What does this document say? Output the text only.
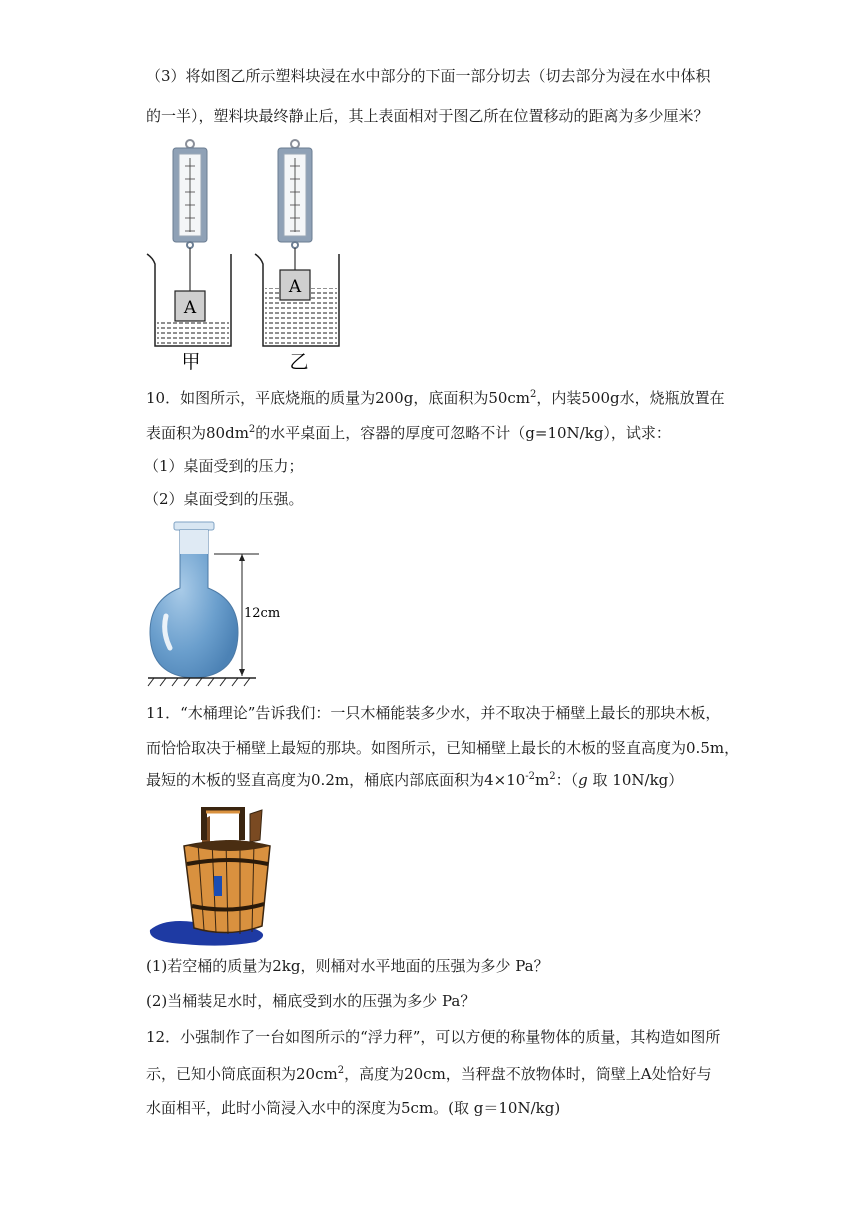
（3）将如图乙所示塑料块浸在水中部分的下面一部分切去（切去部分为浸在水中体积
的一半），塑料块最终静止后，其上表面相对于图乙所在位置移动的距离为多少厘米？
A
甲
A
乙
10．如图所示，平底烧瓶的质量为200g，底面积为$50cm^2$，内装500g水，烧瓶放置在
表面积为$80dm^2$的水平桌面上，容器的厚度可忽略不计（g=10N/kg），试求：
（1）桌面受到的压力；
（2）桌面受到的压强。
12cm
11．“木桶理论”告诉我们：一只木桶能装多少水，并不取决于桶壁上最长的那块木板，
而恰恰取决于桶壁上最短的那块。如图所示，已知桶壁上最长的木板的竖直高度为0.5m，
最短的木板的竖直高度为0.2m，桶底内部底面积为$4\times 10^{-2}m^2$：（g 取 10N/kg）
(1)若空桶的质量为2kg，则桶对水平地面的压强为多少 Pa？
(2)当桶装足水时，桶底受到水的压强为多少 Pa？
12．小强制作了一台如图所示的“浮力秤”，可以方便的称量物体的质量，其构造如图所
示，已知小筒底面积为$20cm^2$，高度为20cm，当秤盘不放物体时，筒壁上A处恰好与
水面相平，此时小筒浸入水中的深度为5cm。(取 g＝10N/kg)
